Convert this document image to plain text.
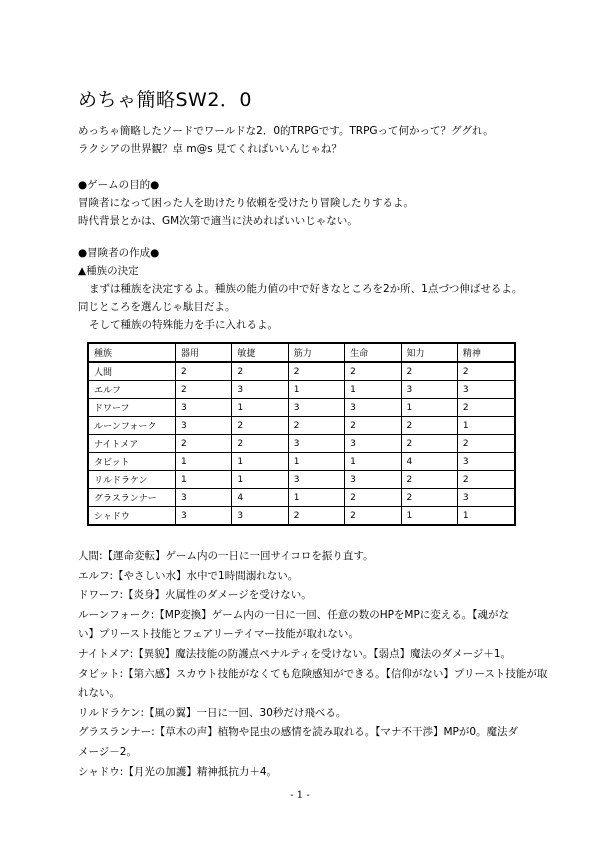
めちゃ簡略SW2．0
めっちゃ簡略したソードでワールドな2．0的TRPGです。TRPGって何かって？ググれ。
ラクシアの世界観？卓 m@s 見てくればいいんじゃね？
●ゲームの目的●
冒険者になって困った人を助けたり依頼を受けたり冒険したりするよ。
時代背景とかは、GM次第で適当に決めればいいじゃない。
●冒険者の作成●
▲種族の決定
まずは種族を決定するよ。種族の能力値の中で好きなところを2か所、1点づつ伸ばせるよ。
同じところを選んじゃ駄目だよ。
そして種族の特殊能力を手に入れるよ。
種族	器用	敏捷	筋力	生命	知力	精神
人間	2	2	2	2	2	2
エルフ	2	3	1	1	3	3
ドワーフ	3	1	3	3	1	2
ルーンフォーク	3	2	2	2	2	1
ナイトメア	2	2	3	3	2	2
タビット	1	1	1	1	4	3
リルドラケン	1	1	3	3	2	2
グラスランナー	3	4	1	2	2	3
シャドウ	3	3	2	2	1	1
人間:【運命変転】ゲーム内の一日に一回サイコロを振り直す。
エルフ:【やさしい水】水中で1時間溺れない。
ドワーフ:【炎身】火属性のダメージを受けない。
ルーンフォーク:【MP変換】ゲーム内の一日に一回、任意の数のHPをMPに変える。【魂がな
い】プリースト技能とフェアリーテイマー技能が取れない。
ナイトメア:【異貌】魔法技能の防護点ペナルティを受けない。【弱点】魔法のダメージ＋1。
タビット:【第六感】スカウト技能がなくても危険感知ができる。【信仰がない】プリースト技能が取
れない。
リルドラケン:【風の翼】一日に一回、30秒だけ飛べる。
グラスランナー:【草木の声】植物や昆虫の感情を読み取れる。【マナ不干渉】MPが0。魔法ダ
メージ－2。
シャドウ:【月光の加護】精神抵抗力＋4。
- 1 -
